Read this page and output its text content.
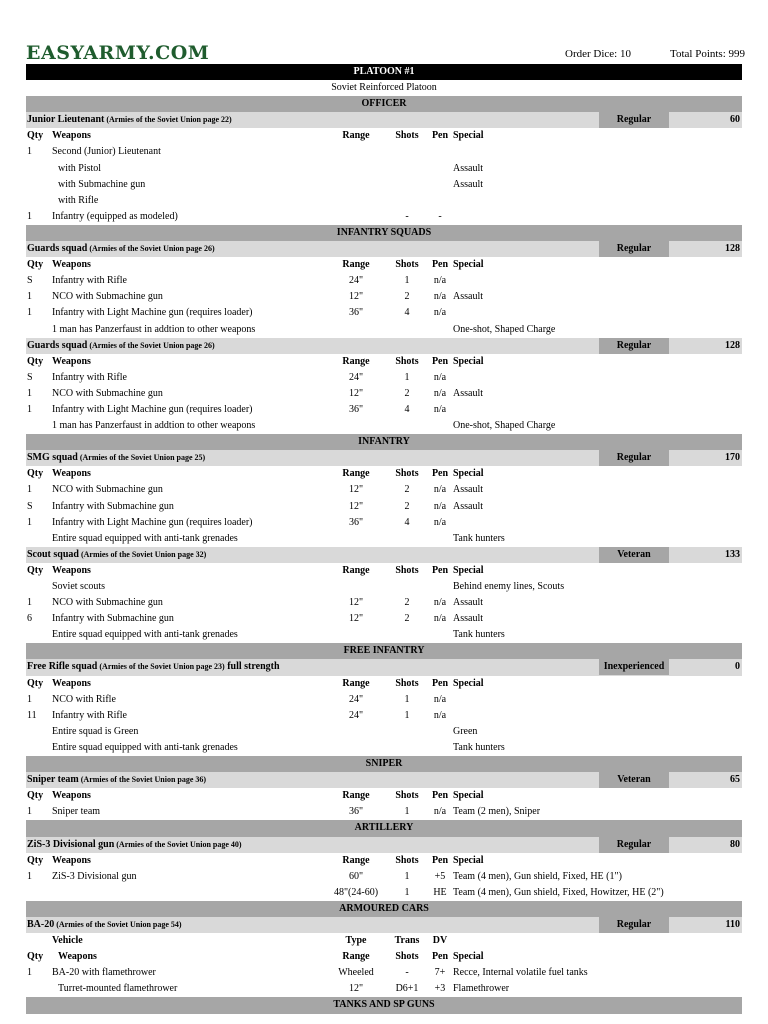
EASYARMY.COM	Order Dice: 10	Total Points: 999
PLATOON #1
Soviet Reinforced Platoon
OFFICER
Junior Lieutenant (Armies of the Soviet Union page 22)	Regular	60
Qty Weapons	Range	Shots	Pen Special
1 Second (Junior) Lieutenant
with Pistol	Assault
with Submachine gun	Assault
with Rifle
1 Infantry (equipped as modeled)	-	-
INFANTRY SQUADS
Guards squad (Armies of the Soviet Union page 26)	Regular	128
Qty Weapons	Range	Shots	Pen Special
S Infantry with Rifle	24"	1	n/a
1 NCO with Submachine gun	12"	2	n/a Assault
1 Infantry with Light Machine gun (requires loader)	36"	4	n/a
1 man has Panzerfaust in addtion to other weapons	One-shot, Shaped Charge
Guards squad (Armies of the Soviet Union page 26)	Regular	128
Qty Weapons	Range	Shots	Pen Special
S Infantry with Rifle	24"	1	n/a
1 NCO with Submachine gun	12"	2	n/a Assault
1 Infantry with Light Machine gun (requires loader)	36"	4	n/a
1 man has Panzerfaust in addtion to other weapons	One-shot, Shaped Charge
INFANTRY
SMG squad (Armies of the Soviet Union page 25)	Regular	170
Qty Weapons	Range	Shots	Pen Special
1 NCO with Submachine gun	12"	2	n/a Assault
S Infantry with Submachine gun	12"	2	n/a Assault
1 Infantry with Light Machine gun (requires loader)	36"	4	n/a
Entire squad equipped with anti-tank grenades	Tank hunters
Scout squad (Armies of the Soviet Union page 32)	Veteran	133
Qty Weapons	Range	Shots	Pen Special
Soviet scouts	Behind enemy lines, Scouts
1 NCO with Submachine gun	12"	2	n/a Assault
6 Infantry with Submachine gun	12"	2	n/a Assault
Entire squad equipped with anti-tank grenades	Tank hunters
FREE INFANTRY
Free Rifle squad (Armies of the Soviet Union page 23) full strength	Inexperienced	0
Qty Weapons	Range	Shots	Pen Special
1 NCO with Rifle	24"	1	n/a
11 Infantry with Rifle	24"	1	n/a
Entire squad is Green	Green
Entire squad equipped with anti-tank grenades	Tank hunters
SNIPER
Sniper team (Armies of the Soviet Union page 36)	Veteran	65
Qty Weapons	Range	Shots	Pen Special
1 Sniper team	36"	1	n/a Team (2 men), Sniper
ARTILLERY
ZiS-3 Divisional gun (Armies of the Soviet Union page 40)	Regular	80
Qty Weapons	Range	Shots	Pen Special
1 ZiS-3 Divisional gun	60"	1	+5 Team (4 men), Gun shield, Fixed, HE (1")
48"(24-60)	1	HE Team (4 men), Gun shield, Fixed, Howitzer, HE (2")
ARMOURED CARS
BA-20 (Armies of the Soviet Union page 54)	Regular	110
Vehicle	Type	Trans	DV
Qty Weapons	Range	Shots	Pen Special
1 BA-20 with flamethrower	Wheeled	-	7+ Recce, Internal volatile fuel tanks
Turret-mounted flamethrower	12"	D6+1	+3 Flamethrower
TANKS AND SP GUNS
